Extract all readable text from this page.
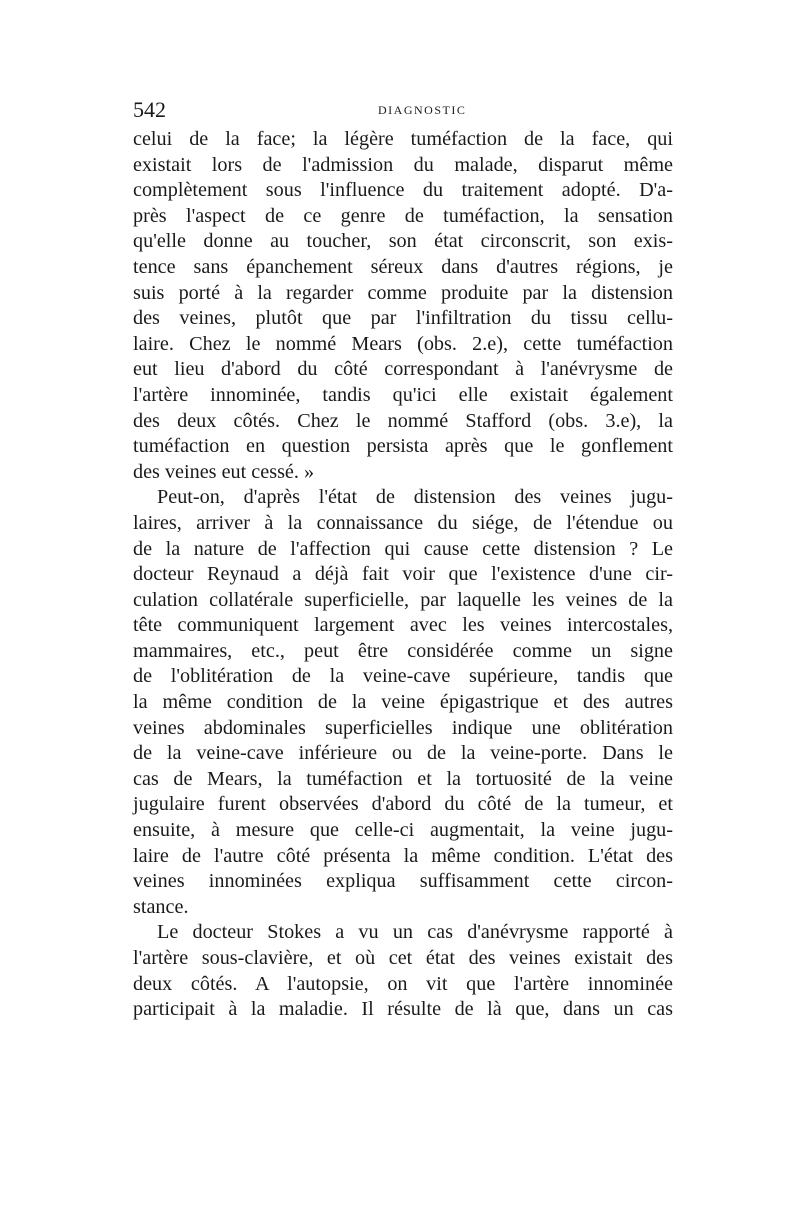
542	DIAGNOSTIC
celui de la face; la légère tuméfaction de la face, qui
existait lors de l'admission du malade, disparut même
complètement sous l'influence du traitement adopté. D'a-
près l'aspect de ce genre de tuméfaction, la sensation
qu'elle donne au toucher, son état circonscrit, son exis-
tence sans épanchement séreux dans d'autres régions, je
suis porté à la regarder comme produite par la distension
des veines, plutôt que par l'infiltration du tissu cellu-
laire. Chez le nommé Mears (obs. 2.e), cette tuméfaction
eut lieu d'abord du côté correspondant à l'anévrysme de
l'artère innominée, tandis qu'ici elle existait également
des deux côtés. Chez le nommé Stafford (obs. 3.e), la
tuméfaction en question persista après que le gonflement
des veines eut cessé. »
Peut-on, d'après l'état de distension des veines jugu-
laires, arriver à la connaissance du siége, de l'étendue ou
de la nature de l'affection qui cause cette distension ? Le
docteur Reynaud a déjà fait voir que l'existence d'une cir-
culation collatérale superficielle, par laquelle les veines de la
tête communiquent largement avec les veines intercostales,
mammaires, etc., peut être considérée comme un signe
de l'oblitération de la veine-cave supérieure, tandis que
la même condition de la veine épigastrique et des autres
veines abdominales superficielles indique une oblitération
de la veine-cave inférieure ou de la veine-porte. Dans le
cas de Mears, la tuméfaction et la tortuosité de la veine
jugulaire furent observées d'abord du côté de la tumeur, et
ensuite, à mesure que celle-ci augmentait, la veine jugu-
laire de l'autre côté présenta la même condition. L'état des
veines innominées expliqua suffisamment cette circon-
stance.
Le docteur Stokes a vu un cas d'anévrysme rapporté à
l'artère sous-clavière, et où cet état des veines existait des
deux côtés. A l'autopsie, on vit que l'artère innominée
participait à la maladie. Il résulte de là que, dans un cas
